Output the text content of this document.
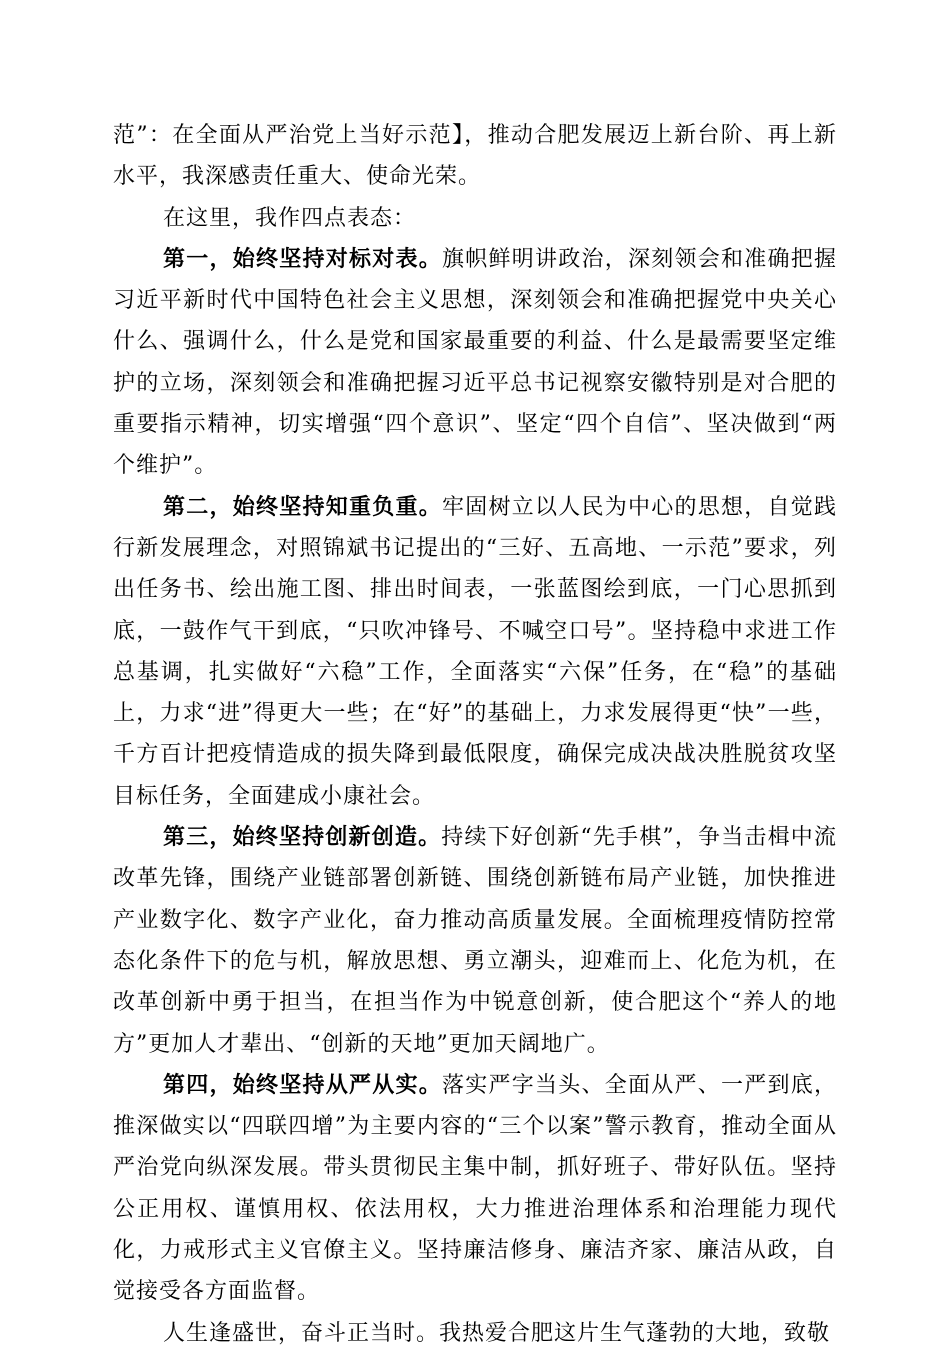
范”：在全面从严治党上当好示范】，推动合肥发展迈上新台阶、再上新水平，我深感责任重大、使命光荣。

在这里，我作四点表态：

第一，始终坚持对标对表。旗帜鲜明讲政治，深刻领会和准确把握习近平新时代中国特色社会主义思想，深刻领会和准确把握党中央关心什么、强调什么，什么是党和国家最重要的利益、什么是最需要坚定维护的立场，深刻领会和准确把握习近平总书记视察安徽特别是对合肥的重要指示精神，切实增强“四个意识”、坚定“四个自信”、坚决做到“两个维护”。

第二，始终坚持知重负重。牢固树立以人民为中心的思想，自觉践行新发展理念，对照锦斌书记提出的“三好、五高地、一示范”要求，列出任务书、绘出施工图、排出时间表，一张蓝图绘到底，一门心思抓到底，一鼓作气干到底，“只吹冲锋号、不喊空口号”。坚持稳中求进工作总基调，扎实做好“六稳”工作，全面落实“六保”任务，在“稳”的基础上，力求“进”得更大一些；在“好”的基础上，力求发展得更“快”一些，千方百计把疫情造成的损失降到最低限度，确保完成决战决胜脱贫攻坚目标任务，全面建成小康社会。

第三，始终坚持创新创造。持续下好创新“先手棋”，争当击楫中流改革先锋，围绕产业链部署创新链、围绕创新链布局产业链，加快推进产业数字化、数字产业化，奋力推动高质量发展。全面梳理疫情防控常态化条件下的危与机，解放思想、勇立潮头，迎难而上、化危为机，在改革创新中勇于担当，在担当作为中锐意创新，使合肥这个“养人的地方”更加人才辈出、“创新的天地”更加天阔地广。

第四，始终坚持从严从实。落实严字当头、全面从严、一严到底，推深做实以“四联四增”为主要内容的“三个以案”警示教育，推动全面从严治党向纵深发展。带头贯彻民主集中制，抓好班子、带好队伍。坚持公正用权、谨慎用权、依法用权，大力推进治理体系和治理能力现代化，力戒形式主义官僚主义。坚持廉洁修身、廉洁齐家、廉洁从政，自觉接受各方面监督。

人生逢盛世，奋斗正当时。我热爱合肥这片生气蓬勃的大地，致敬
